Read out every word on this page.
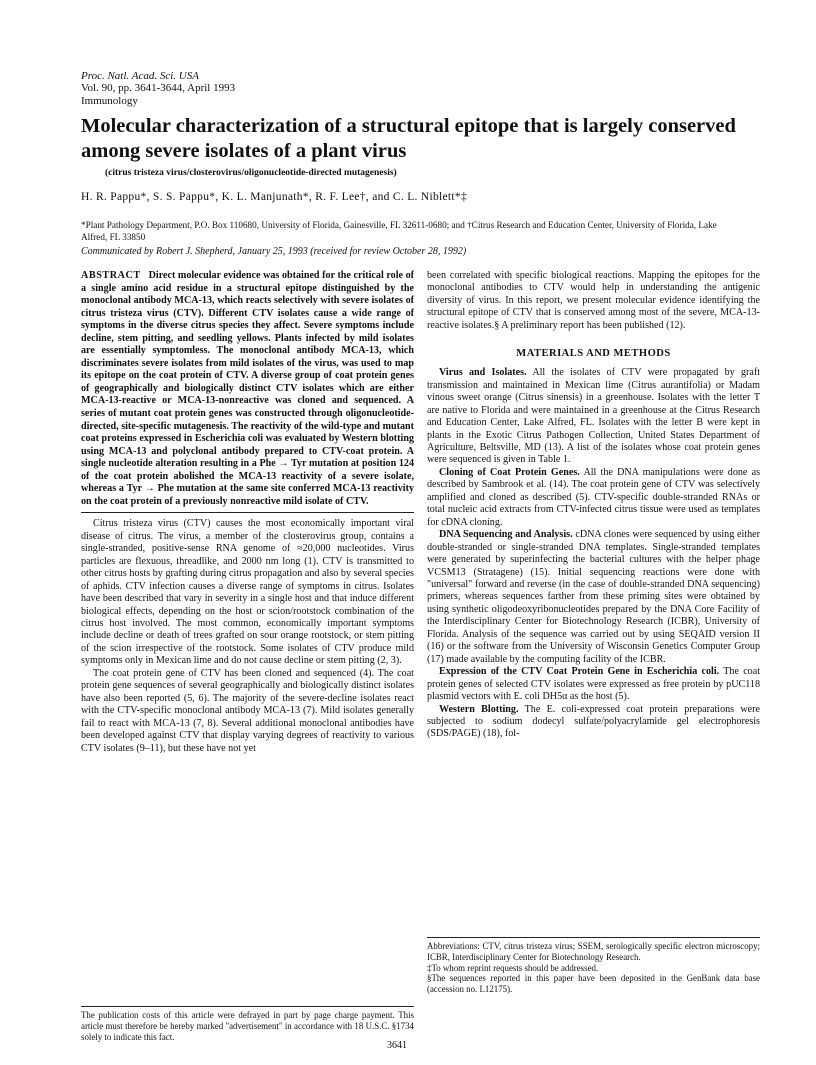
Proc. Natl. Acad. Sci. USA
Vol. 90, pp. 3641-3644, April 1993
Immunology
Molecular characterization of a structural epitope that is largely conserved among severe isolates of a plant virus
(citrus tristeza virus/closterovirus/oligonucleotide-directed mutagenesis)
H. R. Pappu*, S. S. Pappu*, K. L. Manjunath*, R. F. Lee†, and C. L. Niblett*‡
*Plant Pathology Department, P.O. Box 110680, University of Florida, Gainesville, FL 32611-0680; and †Citrus Research and Education Center, University of Florida, Lake Alfred, FL 33850
Communicated by Robert J. Shepherd, January 25, 1993 (received for review October 28, 1992)

ABSTRACT Direct molecular evidence was obtained for the critical role of a single amino acid residue in a structural epitope distinguished by the monoclonal antibody MCA-13, which reacts selectively with severe isolates of citrus tristeza virus (CTV). Different CTV isolates cause a wide range of symptoms in the diverse citrus species they affect. Severe symptoms include decline, stem pitting, and seedling yellows. Plants infected by mild isolates are essentially symptomless. The monoclonal antibody MCA-13, which discriminates severe isolates from mild isolates of the virus, was used to map its epitope on the coat protein of CTV. A diverse group of coat protein genes of geographically and biologically distinct CTV isolates which are either MCA-13-reactive or MCA-13-nonreactive was cloned and sequenced. A series of mutant coat protein genes was constructed through oligonucleotide-directed, site-specific mutagenesis. The reactivity of the wild-type and mutant coat proteins expressed in Escherichia coli was evaluated by Western blotting using MCA-13 and polyclonal antibody prepared to CTV-coat protein. A single nucleotide alteration resulting in a Phe → Tyr mutation at position 124 of the coat protein abolished the MCA-13 reactivity of a severe isolate, whereas a Tyr → Phe mutation at the same site conferred MCA-13 reactivity on the coat protein of a previously nonreactive mild isolate of CTV.

Citrus tristeza virus (CTV) causes the most economically important viral disease of citrus. The virus, a member of the closterovirus group, contains a single-stranded, positive-sense RNA genome of ≈20,000 nucleotides. Virus particles are flexuous, threadlike, and 2000 nm long (1). CTV is transmitted to other citrus hosts by grafting during citrus propagation and also by several species of aphids. CTV infection causes a diverse range of symptoms in citrus. Isolates have been described that vary in severity in a single host and that induce different biological effects, depending on the host or scion/rootstock combination of the citrus host involved. The most common, economically important symptoms include decline or death of trees grafted on sour orange rootstock, or stem pitting of the scion irrespective of the rootstock. Some isolates of CTV produce mild symptoms only in Mexican lime and do not cause decline or stem pitting (2, 3).

The coat protein gene of CTV has been cloned and sequenced (4). The coat protein gene sequences of several geographically and biologically distinct isolates have also been reported (5, 6). The majority of the severe-decline isolates react with the CTV-specific monoclonal antibody MCA-13 (7). Mild isolates generally fail to react with MCA-13 (7, 8). Several additional monoclonal antibodies have been developed against CTV that display varying degrees of reactivity to various CTV isolates (9–11), but these have not yet

The publication costs of this article were defrayed in part by page charge payment. This article must therefore be hereby marked "advertisement" in accordance with 18 U.S.C. §1734 solely to indicate this fact.

been correlated with specific biological reactions. Mapping the epitopes for the monoclonal antibodies to CTV would help in understanding the antigenic diversity of virus. In this report, we present molecular evidence identifying the structural epitope of CTV that is conserved among most of the severe, MCA-13-reactive isolates.§ A preliminary report has been published (12).

MATERIALS AND METHODS

Virus and Isolates. All the isolates of CTV were propagated by graft transmission and maintained in Mexican lime (Citrus aurantifolia) or Madam vinous sweet orange (Citrus sinensis) in a greenhouse. Isolates with the letter T are native to Florida and were maintained in a greenhouse at the Citrus Research and Education Center, Lake Alfred, FL. Isolates with the letter B were kept in plants in the Exotic Citrus Pathogen Collection, United States Department of Agriculture, Beltsville, MD (13). A list of the isolates whose coat protein genes were sequenced is given in Table 1.

Cloning of Coat Protein Genes. All the DNA manipulations were done as described by Sambrook et al. (14). The coat protein gene of CTV was selectively amplified and cloned as described (5). CTV-specific double-stranded RNAs or total nucleic acid extracts from CTV-infected citrus tissue were used as templates for cDNA cloning.

DNA Sequencing and Analysis. cDNA clones were sequenced by using either double-stranded or single-stranded DNA templates. Single-stranded templates were generated by superinfecting the bacterial cultures with the helper phage VCSM13 (Stratagene) (15). Initial sequencing reactions were done with "universal" forward and reverse (in the case of double-stranded DNA sequencing) primers, whereas sequences farther from these priming sites were obtained by using synthetic oligodeoxyribonucleotides prepared by the DNA Core Facility of the Interdisciplinary Center for Biotechnology Research (ICBR), University of Florida. Analysis of the sequence was carried out by using SEQAID version II (16) or the software from the University of Wisconsin Genetics Computer Group (17) made available by the computing facility of the ICBR.

Expression of the CTV Coat Protein Gene in Escherichia coli. The coat protein genes of selected CTV isolates were expressed as free protein by pUC118 plasmid vectors with E. coli DH5α as the host (5).

Western Blotting. The E. coli-expressed coat protein preparations were subjected to sodium dodecyl sulfate/polyacrylamide gel electrophoresis (SDS/PAGE) (18), fol-

Abbreviations: CTV, citrus tristeza virus; SSEM, serologically specific electron microscopy; ICBR, Interdisciplinary Center for Biotechnology Research.

‡To whom reprint requests should be addressed.

§The sequences reported in this paper have been deposited in the GenBank data base (accession no. L12175).

3641
